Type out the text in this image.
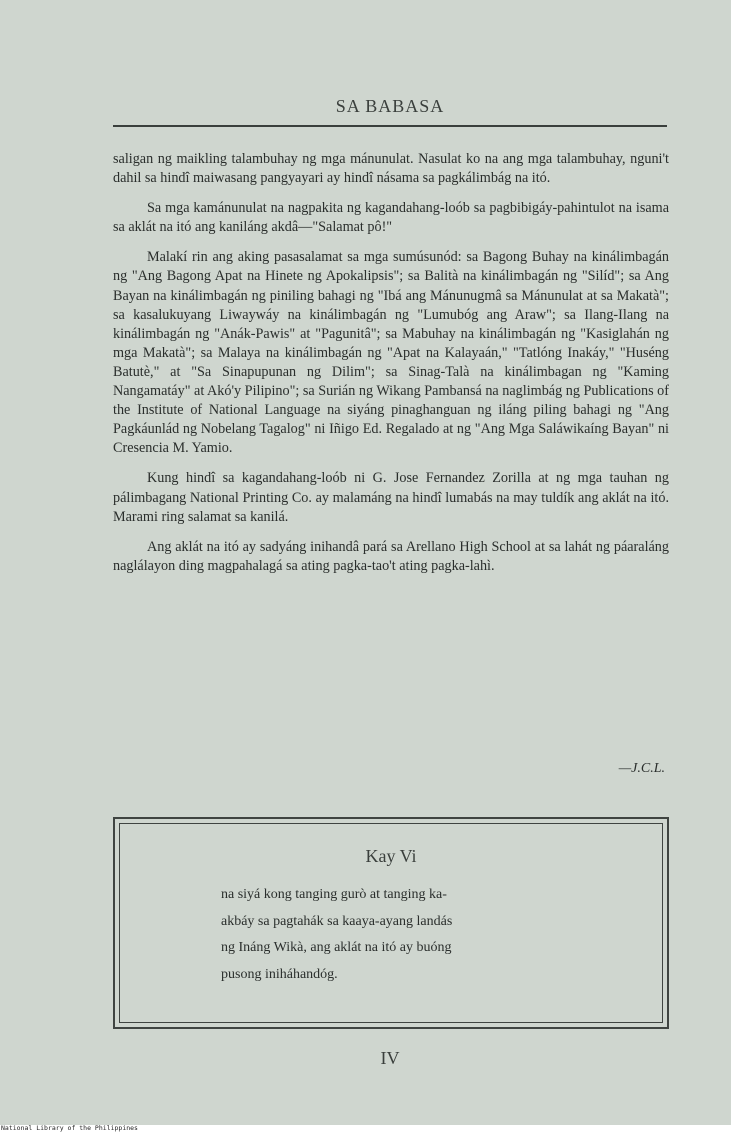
SA BABASA

saligan ng maikling talambuhay ng mga mánunulat. Nasulat ko na ang mga talambuhay, nguni't dahil sa hindî maiwasang pangyayari ay hindî násama sa pagkálimbág na itó.

Sa mga kamánunulat na nagpakita ng kagandahang-loób sa pagbibigáy-pahintulot na isama sa aklát na itó ang kaniláng akdâ—"Salamat pô!"

Malakí rin ang aking pasasalamat sa mga sumúsunód: sa Bagong Buhay na kinálimbagán ng "Ang Bagong Apat na Hinete ng Apokalipsis"; sa Balità na kinálimbagán ng "Silíd"; sa Ang Bayan na kinálimbagán ng piniling bahagi ng "Ibá ang Mánunugmâ sa Mánunulat at sa Makatà"; sa kasalukuyang Liwaywáy na kinálimbagán ng "Lumubóg ang Araw"; sa Ilang-Ilang na kinálimbagán ng "Anák-Pawis" at "Pagunitâ"; sa Mabuhay na kinálimbagán ng "Kasiglahán ng mga Makatà"; sa Malaya na kinálimbagán ng "Apat na Kalayaán," "Tatlóng Inakáy," "Huséng Batutè," at "Sa Sinapupunan ng Dilim"; sa Sinag-Talà na kinálimbagan ng "Kaming Nangamatáy" at Akó'y Pilipino"; sa Surián ng Wikang Pambansá na naglimbág ng Publications of the Institute of National Language na siyáng pinaghanguan ng iláng piling bahagi ng "Ang Pagkáunlád ng Nobelang Tagalog" ni Iñigo Ed. Regalado at ng "Ang Mga Saláwikaíng Bayan" ni Cresencia M. Yamio.

Kung hindî sa kagandahang-loób ni G. Jose Fernandez Zorilla at ng mga tauhan ng pálimbagang National Printing Co. ay malamáng na hindî lumabás na may tuldík ang aklát na itó. Marami ring salamat sa kanilá.

Ang aklát na itó ay sadyáng inihandâ pará sa Arellano High School at sa lahát ng páaraláng naglálayon ding magpahalagá sa ating pagka-tao't ating pagka-lahì.

—J.C.L.
Kay Vi
na siyá kong tanging gurò at tanging ka-
akbáy sa pagtahák sa kaaya-ayang landás
ng Ináng Wikà, ang aklát na itó ay buóng
pusong iniháhandóg.
IV
National Library of the Philippines
